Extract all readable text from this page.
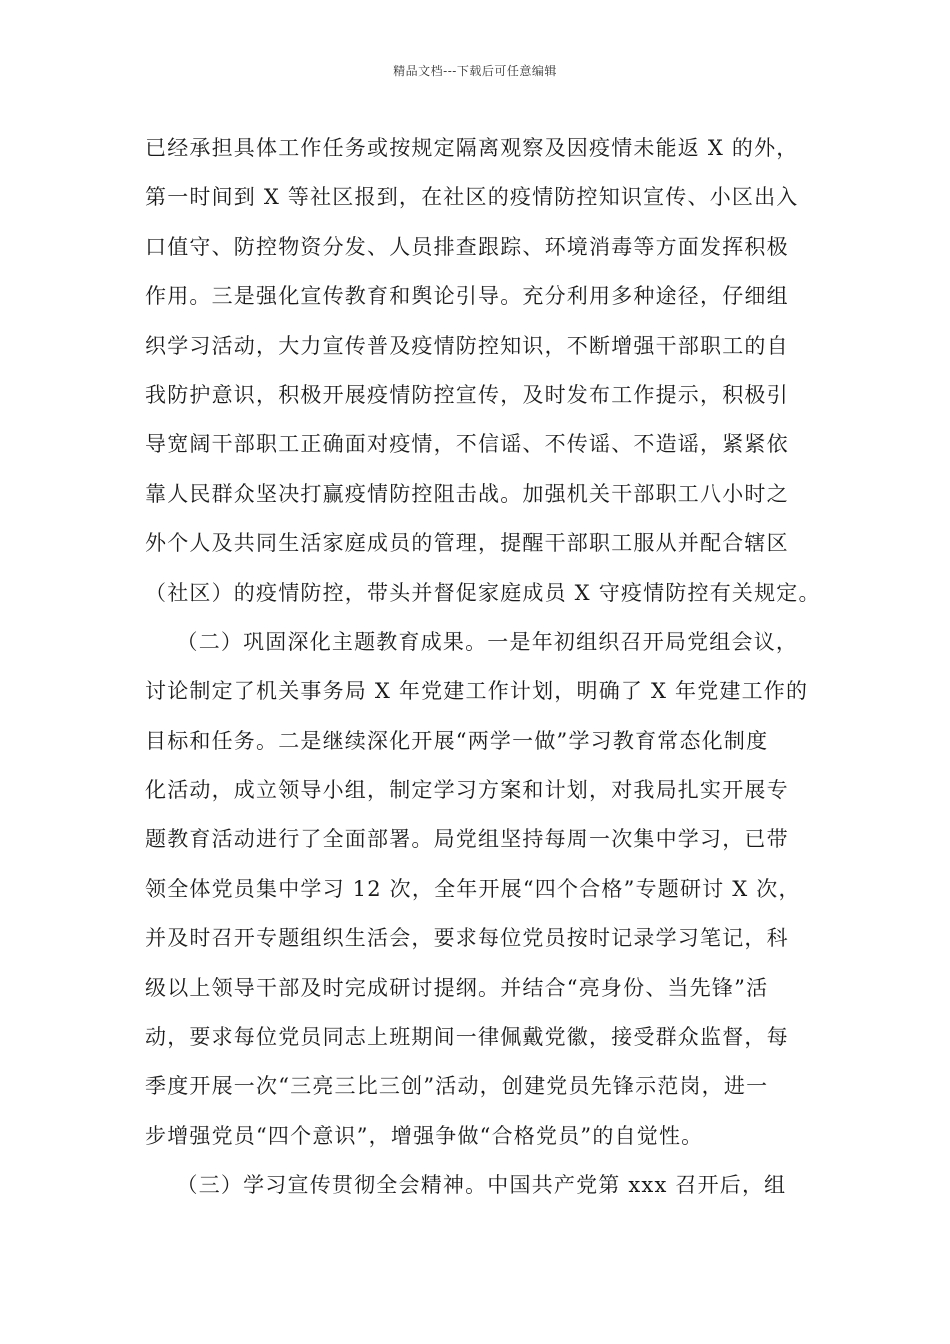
精品文档---下载后可任意编辑
已经承担具体工作任务或按规定隔离观察及因疫情未能返 X 的外，
第一时间到 X 等社区报到，在社区的疫情防控知识宣传、小区出入
口值守、防控物资分发、人员排查跟踪、环境消毒等方面发挥积极
作用。三是强化宣传教育和舆论引导。充分利用多种途径，仔细组
织学习活动，大力宣传普及疫情防控知识，不断增强干部职工的自
我防护意识，积极开展疫情防控宣传，及时发布工作提示，积极引
导宽阔干部职工正确面对疫情，不信谣、不传谣、不造谣，紧紧依
靠人民群众坚决打赢疫情防控阻击战。加强机关干部职工八小时之
外个人及共同生活家庭成员的管理，提醒干部职工服从并配合辖区
（社区）的疫情防控，带头并督促家庭成员 X 守疫情防控有关规定。
（二）巩固深化主题教育成果。一是年初组织召开局党组会议，
讨论制定了机关事务局 X 年党建工作计划，明确了 X 年党建工作的
目标和任务。二是继续深化开展“两学一做”学习教育常态化制度
化活动，成立领导小组，制定学习方案和计划，对我局扎实开展专
题教育活动进行了全面部署。局党组坚持每周一次集中学习，已带
领全体党员集中学习 12 次，全年开展“四个合格”专题研讨 X 次，
并及时召开专题组织生活会，要求每位党员按时记录学习笔记，科
级以上领导干部及时完成研讨提纲。并结合“亮身份、当先锋”活
动，要求每位党员同志上班期间一律佩戴党徽，接受群众监督，每
季度开展一次“三亮三比三创”活动，创建党员先锋示范岗，进一
步增强党员“四个意识”，增强争做“合格党员”的自觉性。
（三）学习宣传贯彻全会精神。中国共产党第 xxx 召开后，组
